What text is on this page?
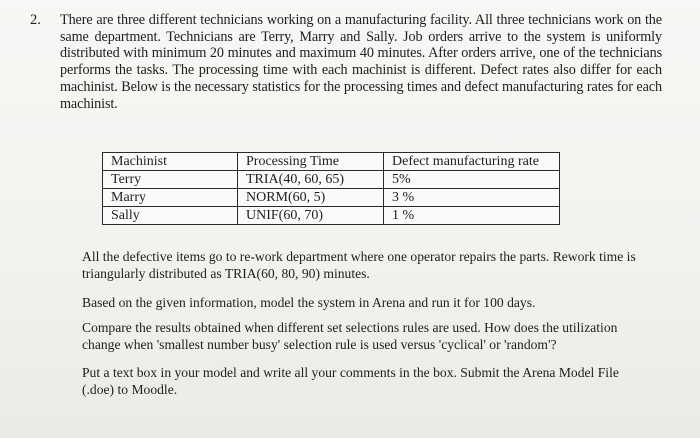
2. There are three different technicians working on a manufacturing facility. All three technicians work on the same department. Technicians are Terry, Marry and Sally. Job orders arrive to the system is uniformly distributed with minimum 20 minutes and maximum 40 minutes. After orders arrive, one of the technicians performs the tasks. The processing time with each machinist is different. Defect rates also differ for each machinist. Below is the necessary statistics for the processing times and defect manufacturing rates for each machinist.
Machinist	Processing Time	Defect manufacturing rate
Terry	TRIA(40, 60, 65)	5%
Marry	NORM(60, 5)	3 %
Sally	UNIF(60, 70)	1 %
All the defective items go to re-work department where one operator repairs the parts. Rework time is triangularly distributed as TRIA(60, 80, 90) minutes.
Based on the given information, model the system in Arena and run it for 100 days.
Compare the results obtained when different set selections rules are used. How does the utilization change when 'smallest number busy' selection rule is used versus 'cyclical' or 'random'?
Put a text box in your model and write all your comments in the box. Submit the Arena Model File (.doe) to Moodle.
